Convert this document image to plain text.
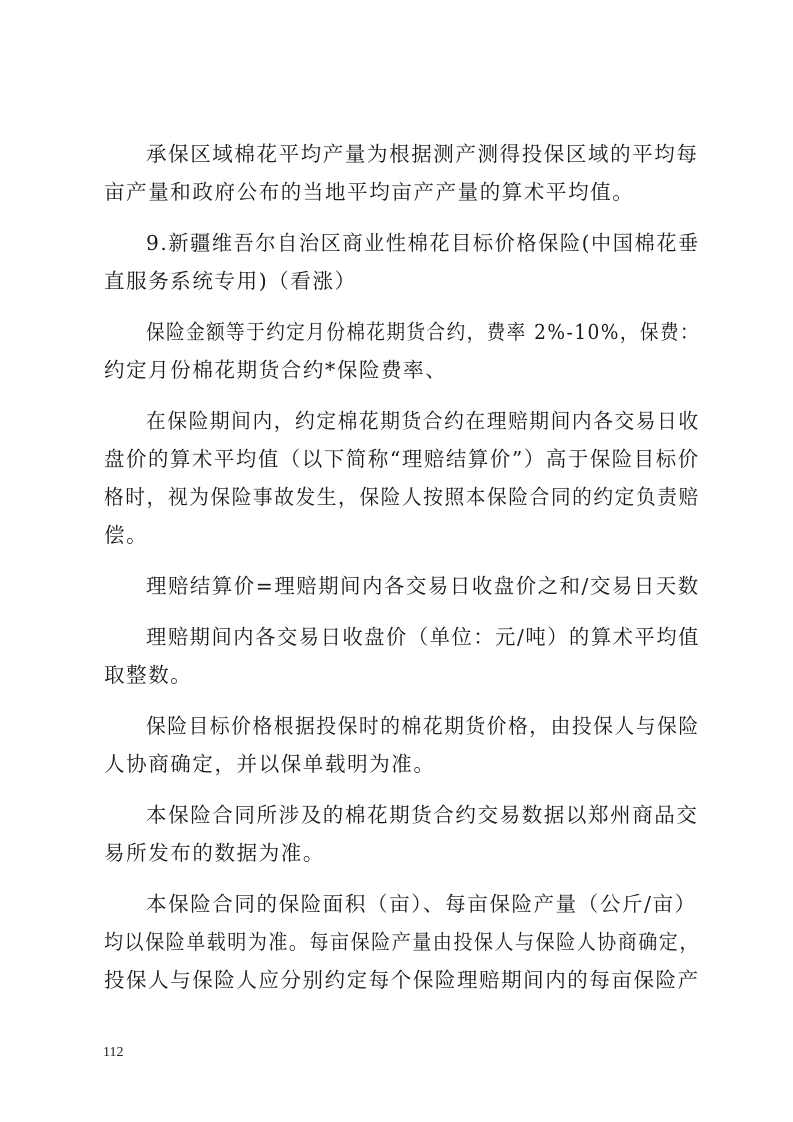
承保区域棉花平均产量为根据测产测得投保区域的平均每
亩产量和政府公布的当地平均亩产产量的算术平均值。
9.新疆维吾尔自治区商业性棉花目标价格保险(中国棉花垂
直服务系统专用)（看涨）
保险金额等于约定月份棉花期货合约，费率 2%-10%，保费：
约定月份棉花期货合约*保险费率、
在保险期间内，约定棉花期货合约在理赔期间内各交易日收
盘价的算术平均值（以下简称“理赔结算价”）高于保险目标价
格时，视为保险事故发生，保险人按照本保险合同的约定负责赔
偿。
理赔结算价=理赔期间内各交易日收盘价之和/交易日天数
理赔期间内各交易日收盘价（单位：元/吨）的算术平均值
取整数。
保险目标价格根据投保时的棉花期货价格，由投保人与保险
人协商确定，并以保单载明为准。
本保险合同所涉及的棉花期货合约交易数据以郑州商品交
易所发布的数据为准。
本保险合同的保险面积（亩）、每亩保险产量（公斤/亩）
均以保险单载明为准。每亩保险产量由投保人与保险人协商确定，
投保人与保险人应分别约定每个保险理赔期间内的每亩保险产
112
